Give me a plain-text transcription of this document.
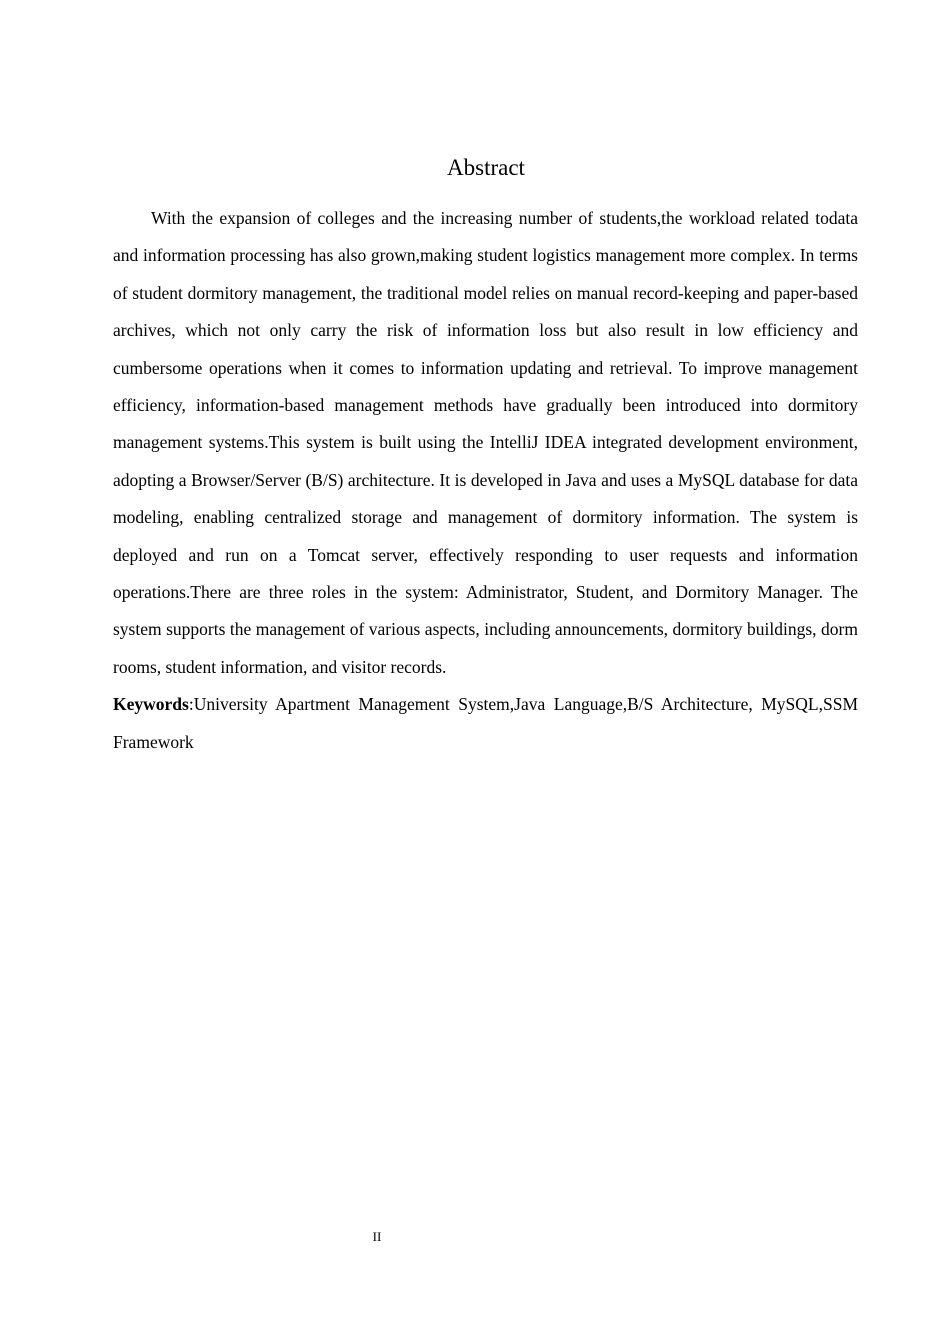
Abstract

With the expansion of colleges and the increasing number of students,the workload related todata and information processing has also grown,making student logistics management more complex. In terms of student dormitory management, the traditional model relies on manual record-keeping and paper-based archives, which not only carry the risk of information loss but also result in low efficiency and cumbersome operations when it comes to information updating and retrieval. To improve management efficiency, information-based management methods have gradually been introduced into dormitory management systems.This system is built using the IntelliJ IDEA integrated development environment, adopting a Browser/Server (B/S) architecture. It is developed in Java and uses a MySQL database for data modeling, enabling centralized storage and management of dormitory information. The system is deployed and run on a Tomcat server, effectively responding to user requests and information operations.There are three roles in the system: Administrator, Student, and Dormitory Manager. The system supports the management of various aspects, including announcements, dormitory buildings, dorm rooms, student information, and visitor records.

Keywords:University Apartment Management System,Java Language,B/S Architecture, MySQL,SSM Framework

II
